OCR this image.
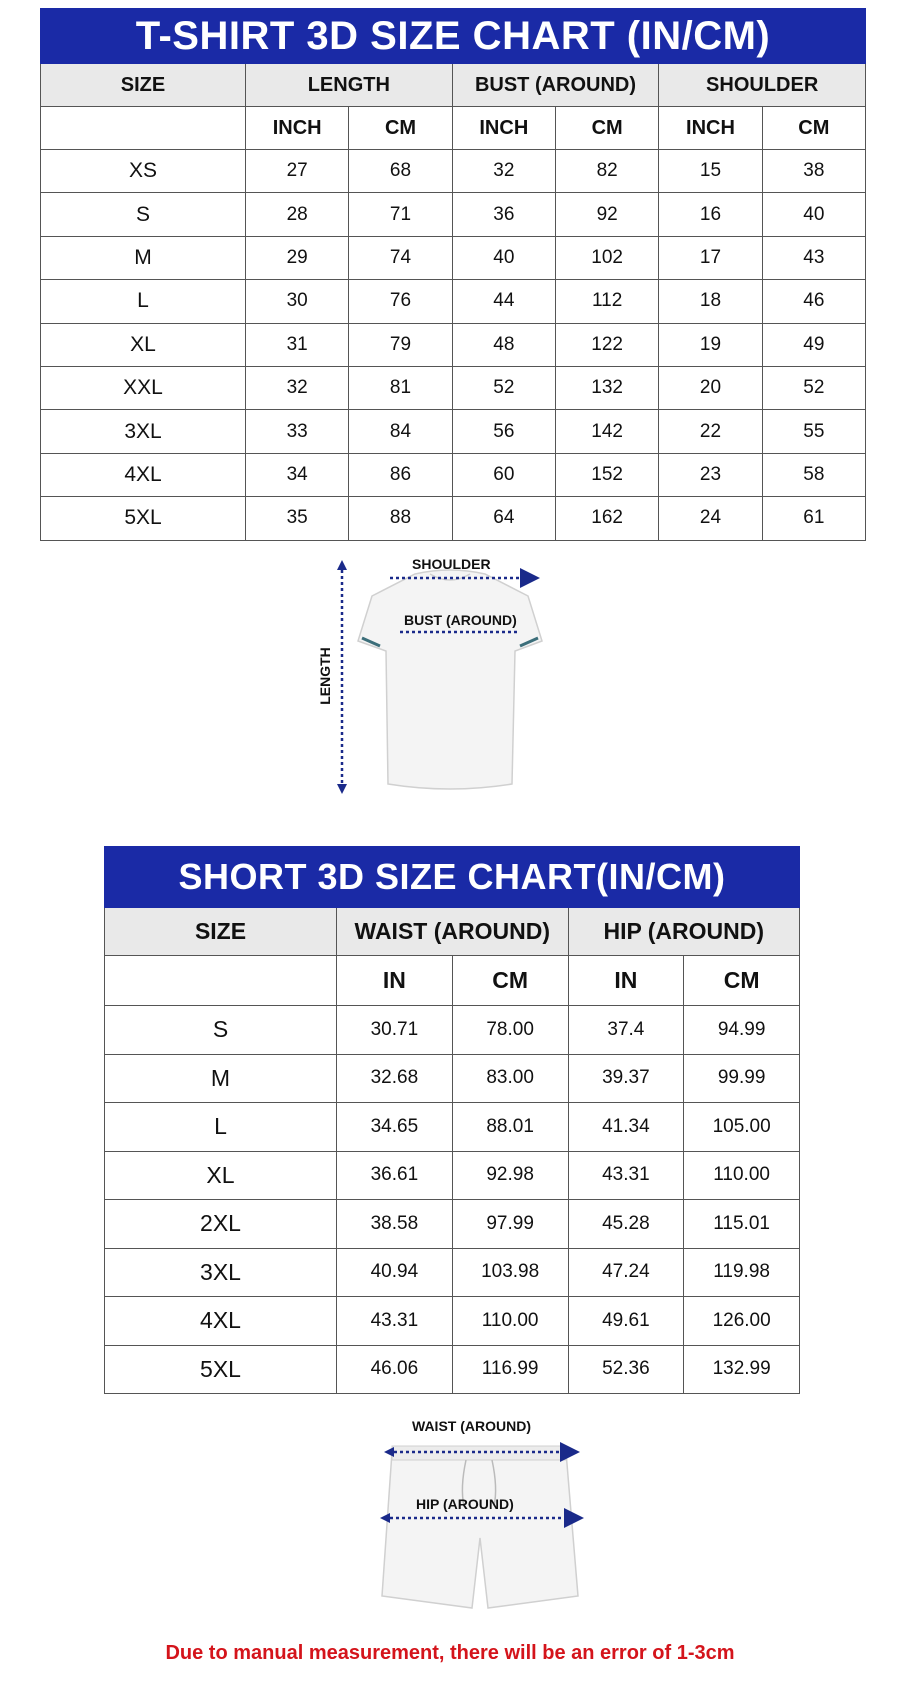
T-SHIRT 3D SIZE CHART (IN/CM)						
SIZE	LENGTH		BUST (AROUND)		SHOULDER	
	INCH	CM	INCH	CM	INCH	CM
XS	27	68	32	82	15	38
S	28	71	36	92	16	40
M	29	74	40	102	17	43
L	30	76	44	112	18	46
XL	31	79	48	122	19	49
XXL	32	81	52	132	20	52
3XL	33	84	56	142	22	55
4XL	34	86	60	152	23	58
5XL	35	88	64	162	24	61
SHOULDER
BUST (AROUND)
LENGTH
SHORT 3D SIZE CHART(IN/CM)				
SIZE	WAIST (AROUND)		HIP (AROUND)	
	IN	CM	IN	CM
S	30.71	78.00	37.4	94.99
M	32.68	83.00	39.37	99.99
L	34.65	88.01	41.34	105.00
XL	36.61	92.98	43.31	110.00
2XL	38.58	97.99	45.28	115.01
3XL	40.94	103.98	47.24	119.98
4XL	43.31	110.00	49.61	126.00
5XL	46.06	116.99	52.36	132.99
WAIST (AROUND)
HIP (AROUND)
Due to manual measurement, there will be an error of 1-3cm
